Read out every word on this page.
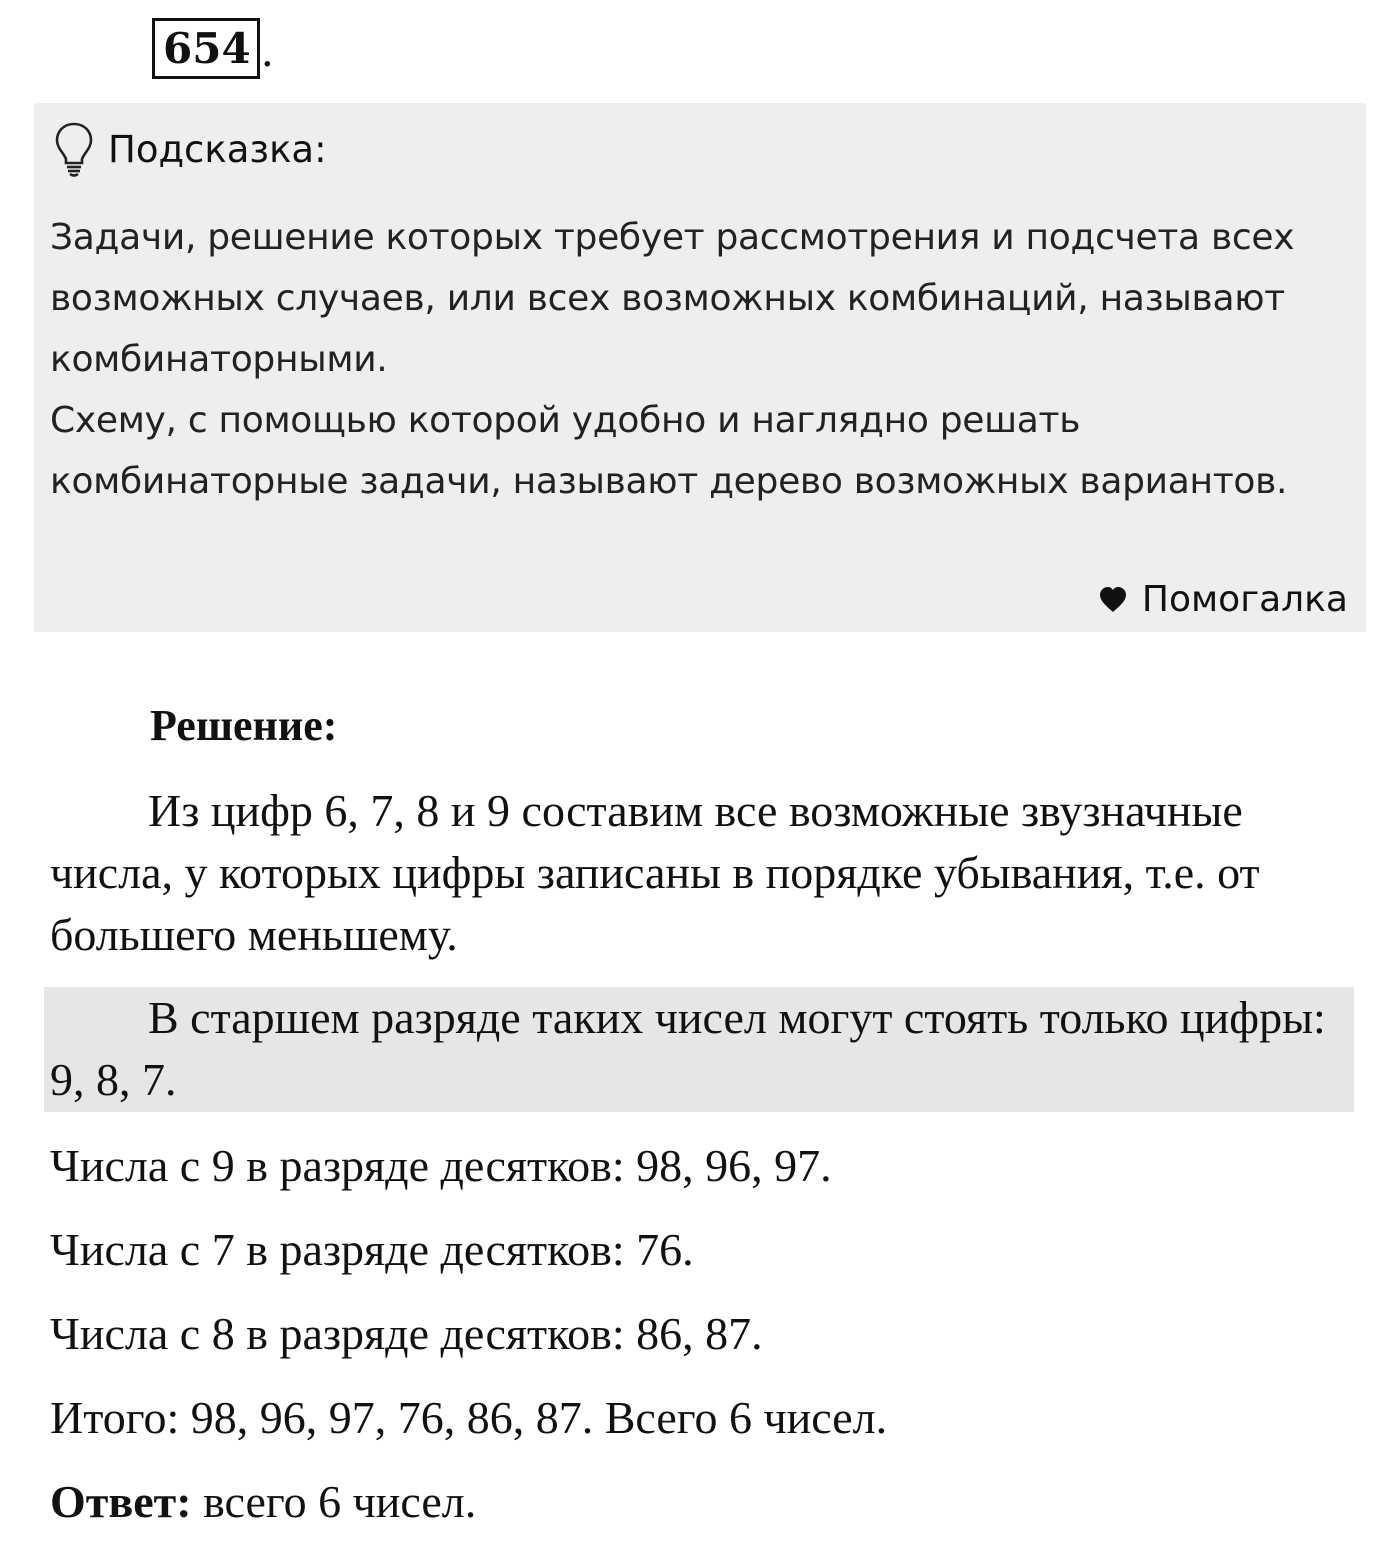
654 .
Подсказка:

Задачи, решение которых требует рассмотрения и подсчета всех возможных случаев, или всех возможных комбинаций, называют комбинаторными.

Схему, с помощью которой удобно и наглядно решать комбинаторные задачи, называют дерево возможных вариантов.

Помогалка
Решение:
Из цифр 6, 7, 8 и 9 составим все возможные звузначные числа, у которых цифры записаны в порядке убывания, т.е. от большего меньшему.
В старшем разряде таких чисел могут стоять только цифры: 9, 8, 7.
Числа с 9 в разряде десятков: 98, 96, 97.
Числа с 7 в разряде десятков: 76.
Числа с 8 в разряде десятков: 86, 87.
Итого: 98, 96, 97, 76, 86, 87. Всего 6 чисел.
Ответ: всего 6 чисел.
